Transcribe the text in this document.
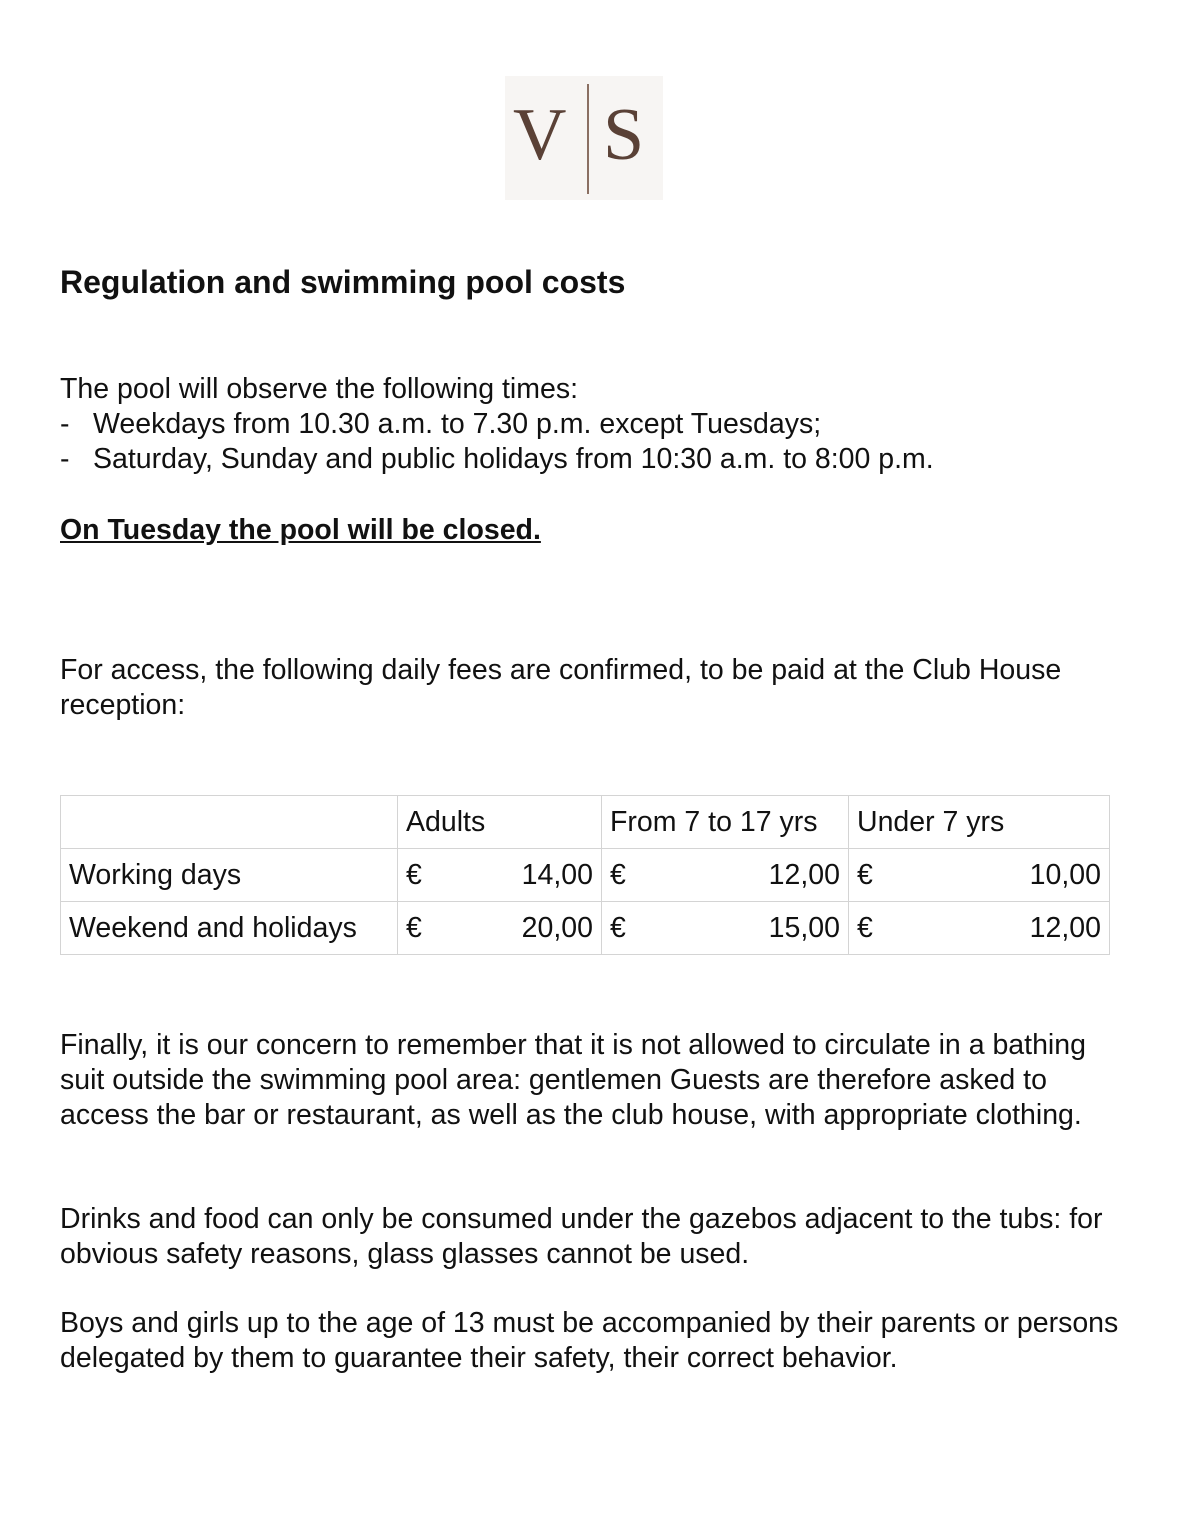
V S
Regulation and swimming pool costs

The pool will observe the following times:

- Weekdays from 10.30 a.m. to 7.30 p.m. except Tuesdays;
- Saturday, Sunday and public holidays from 10:30 a.m. to 8:00 p.m.

On Tuesday the pool will be closed.

For access, the following daily fees are confirmed, to be paid at the Club House reception:

	Adults	From 7 to 17 yrs	Under 7 yrs
Working days	€ 14,00	€ 12,00	€ 10,00

Weekend and holidays	€ 20,00	€ 15,00	€ 12,00

Finally, it is our concern to remember that it is not allowed to circulate in a bathing suit outside the swimming pool area: gentlemen Guests are therefore asked to access the bar or restaurant, as well as the club house, with appropriate clothing.

Drinks and food can only be consumed under the gazebos adjacent to the tubs: for obvious safety reasons, glass glasses cannot be used.

Boys and girls up to the age of 13 must be accompanied by their parents or persons delegated by them to guarantee their safety, their correct behavior.
